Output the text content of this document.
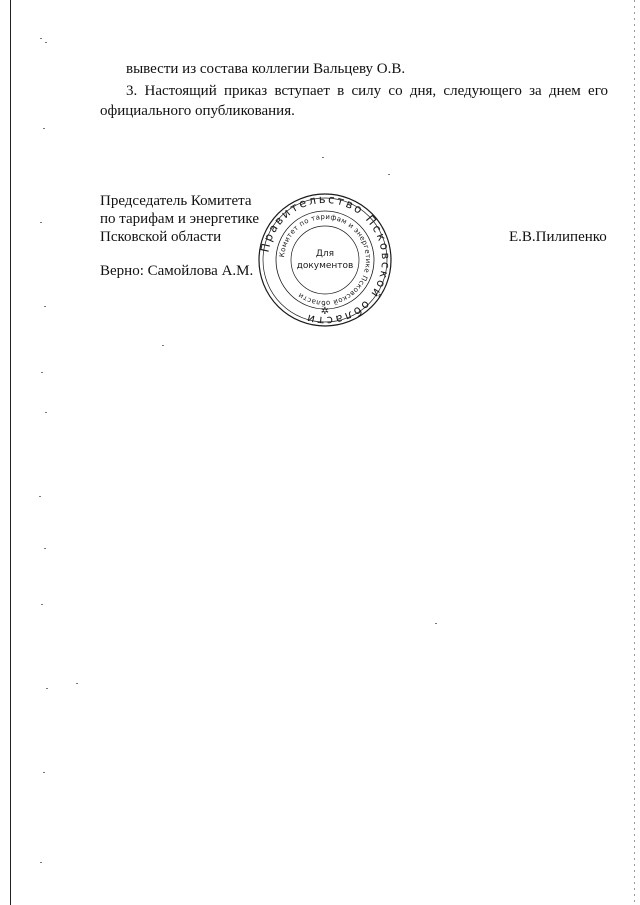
вывести из состава коллегии Вальцеву О.В.
3. Настоящий приказ вступает в силу со дня, следующего за днем его
официального опубликования.
Председатель Комитета
по тарифам и энергетике
Псковской области
Верно: Самойлова А.М.
Е.В.Пилипенко
Правительство Псковской области
Комитет по тарифам и энергетике Псковской области
Для
документов
✲
